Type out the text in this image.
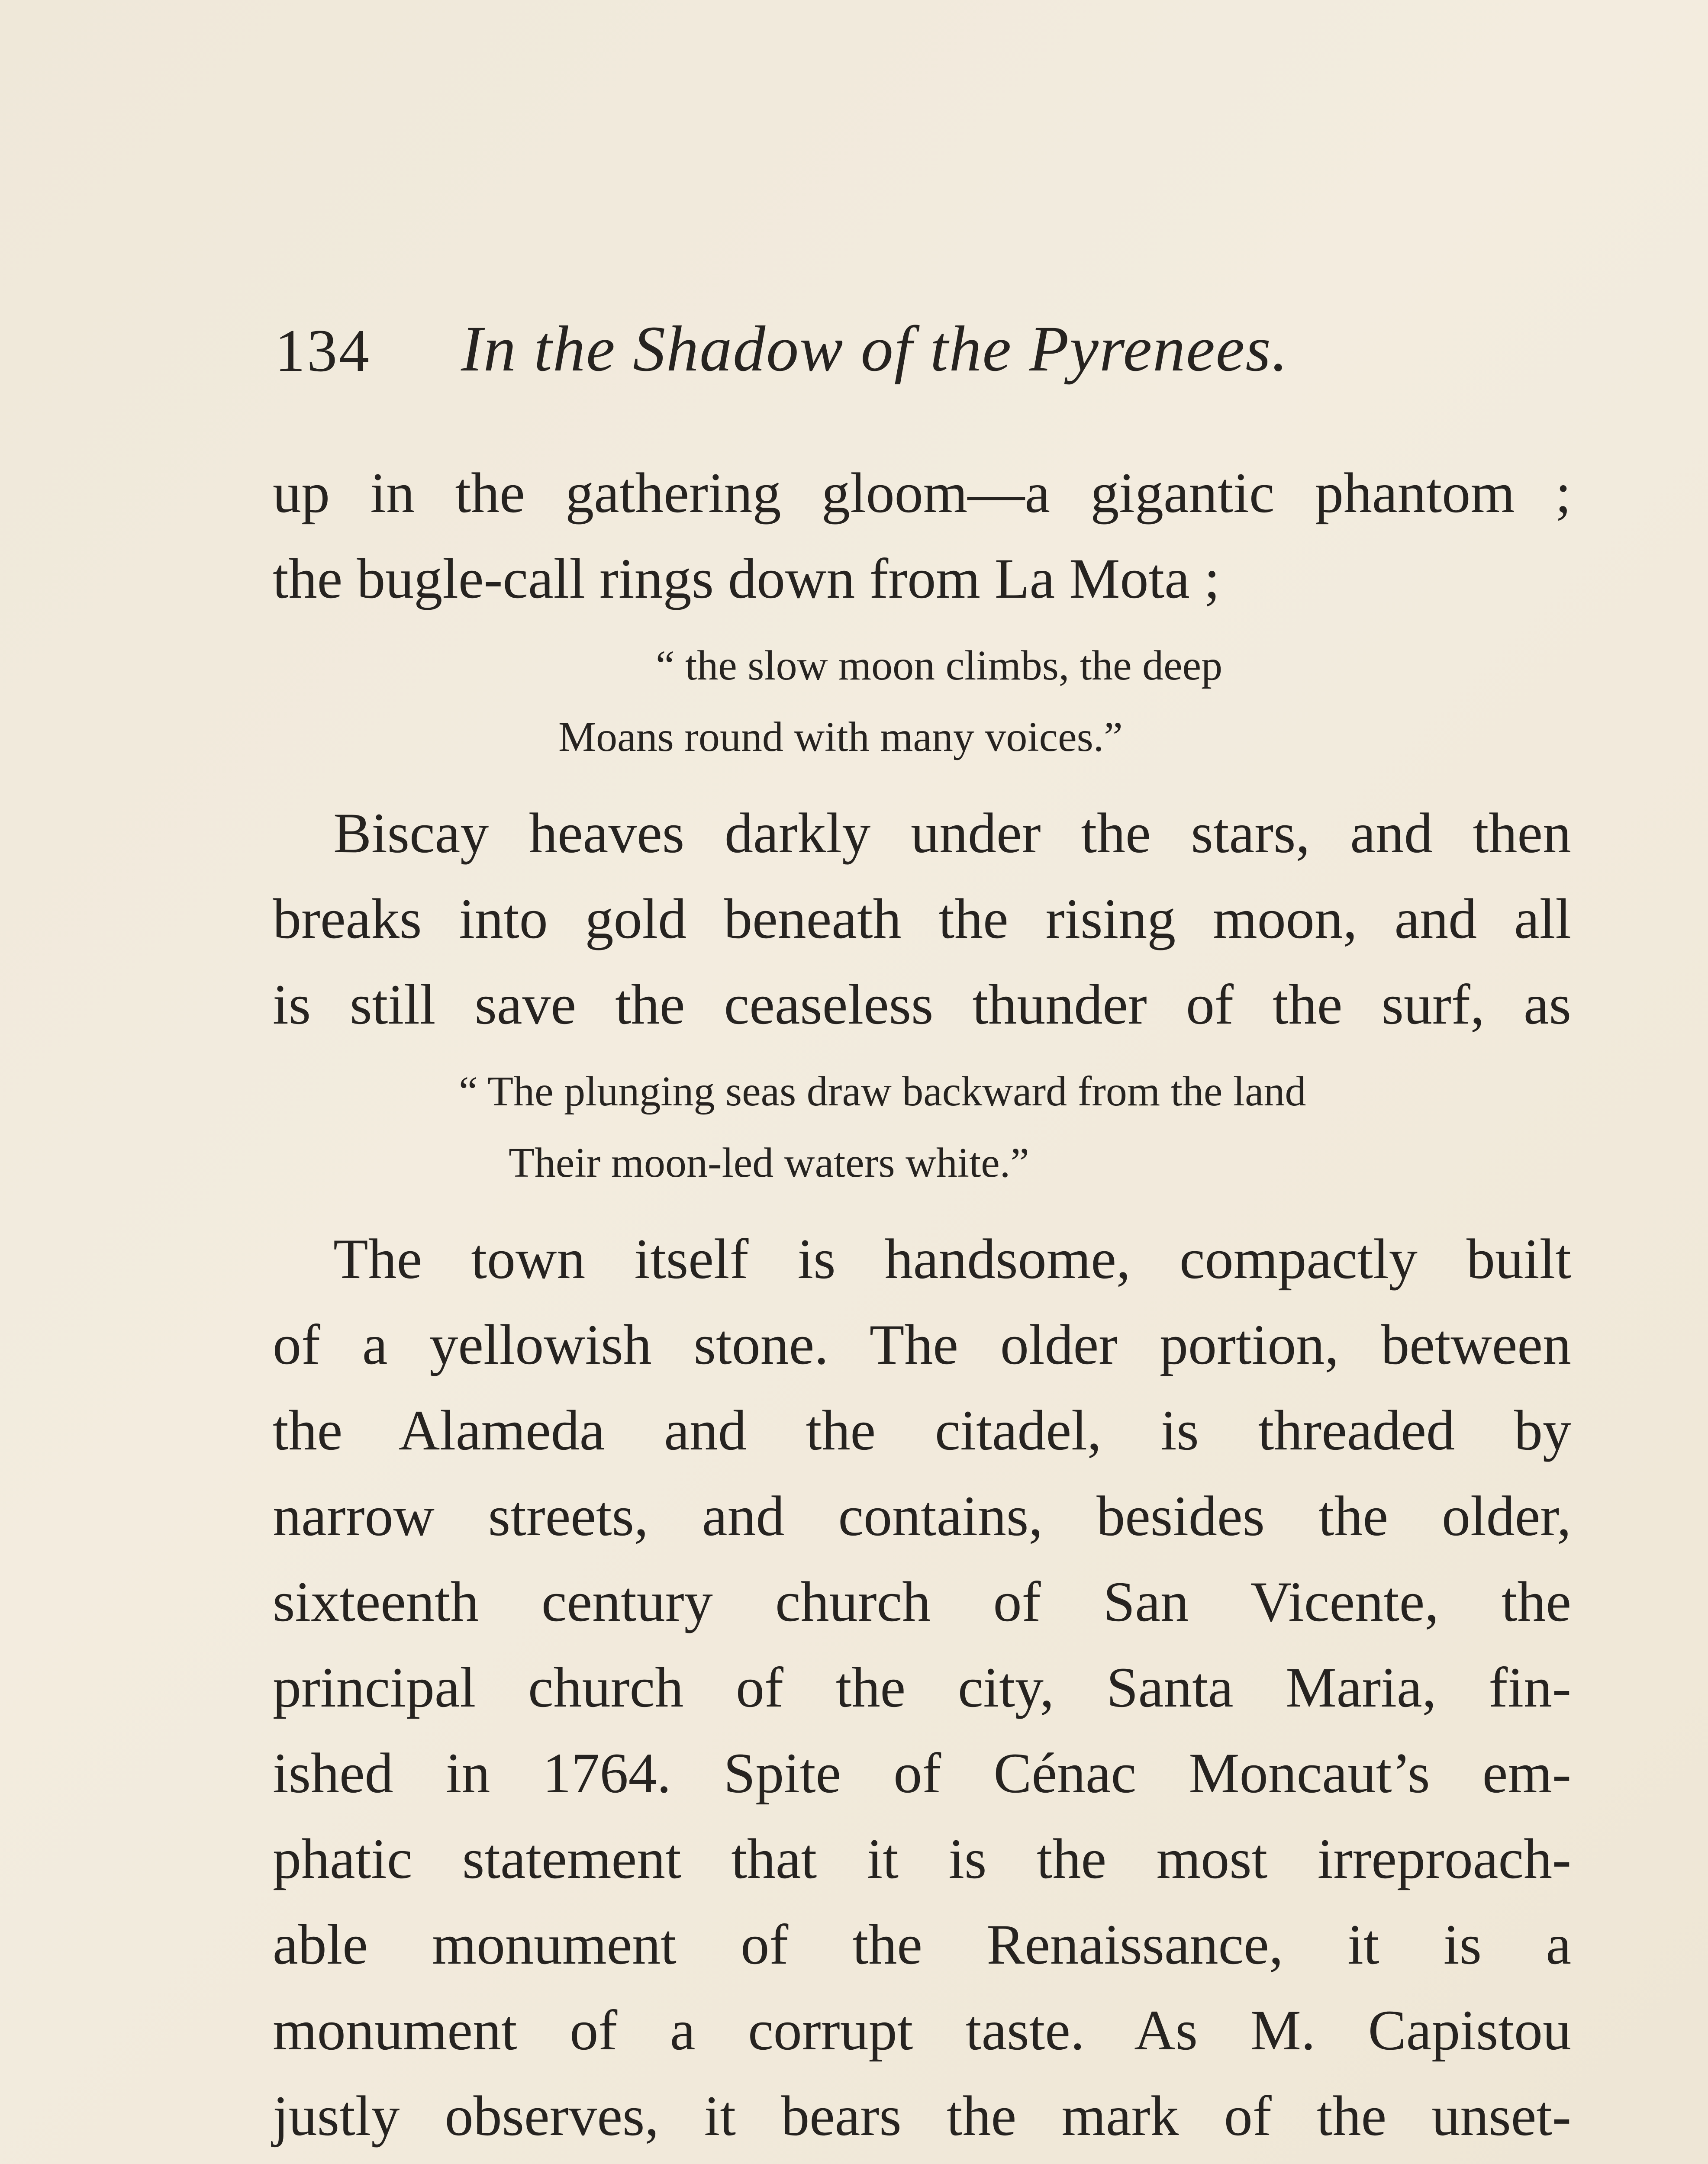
134 In the Shadow of the Pyrenees.
up in the gathering gloom—a gigantic phantom ;
the bugle-call rings down from La Mota ;
“ the slow moon climbs, the deep
Moans round with many voices.”
Biscay heaves darkly under the stars, and then
breaks into gold beneath the rising moon, and all
is still save the ceaseless thunder of the surf, as
“ The plunging seas draw backward from the land
Their moon-led waters white.”
The town itself is handsome, compactly built
of a yellowish stone. The older portion, between
the Alameda and the citadel, is threaded by
narrow streets, and contains, besides the older,
sixteenth century church of San Vicente, the
principal church of the city, Santa Maria, fin-
ished in 1764. Spite of Cénac Moncaut’s em-
phatic statement that it is the most irreproach-
able monument of the Renaissance, it is a
monument of a corrupt taste. As M. Capistou
justly observes, it bears the mark of the unset-
